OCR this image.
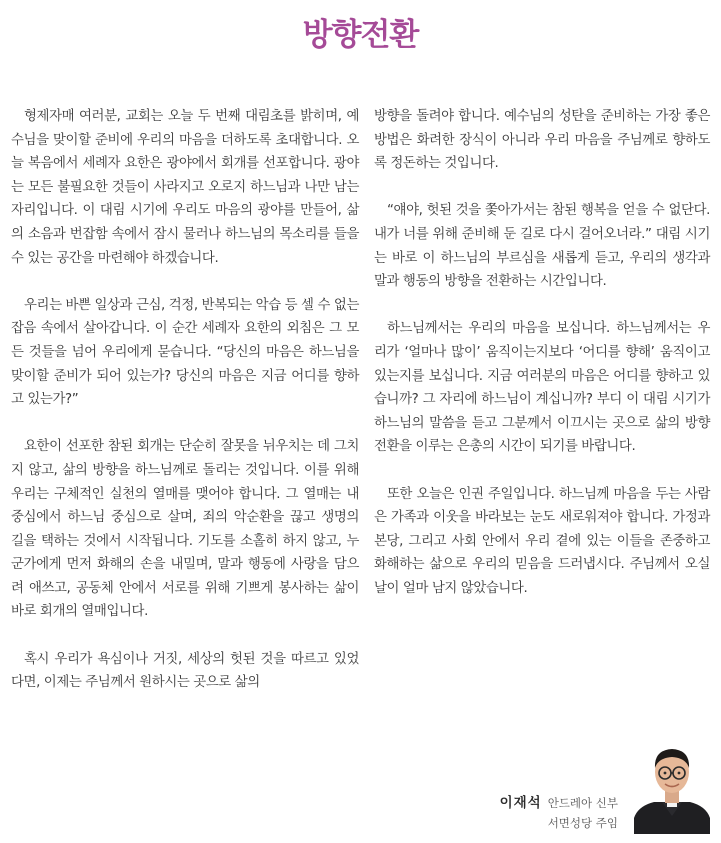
방향전환

형제자매 여러분, 교회는 오늘 두 번째 대림초를 밝히며, 예수님을 맞이할 준비에 우리의 마음을 더하도록 초대합니다. 오늘 복음에서 세례자 요한은 광야에서 회개를 선포합니다. 광야는 모든 불필요한 것들이 사라지고 오로지 하느님과 나만 남는 자리입니다. 이 대림 시기에 우리도 마음의 광야를 만들어, 삶의 소음과 번잡함 속에서 잠시 물러나 하느님의 목소리를 들을 수 있는 공간을 마련해야 하겠습니다.

우리는 바쁜 일상과 근심, 걱정, 반복되는 악습 등 셀 수 없는 잡음 속에서 살아갑니다. 이 순간 세례자 요한의 외침은 그 모든 것들을 넘어 우리에게 묻습니다. “당신의 마음은 하느님을 맞이할 준비가 되어 있는가? 당신의 마음은 지금 어디를 향하고 있는가?”

요한이 선포한 참된 회개는 단순히 잘못을 뉘우치는 데 그치지 않고, 삶의 방향을 하느님께로 돌리는 것입니다. 이를 위해 우리는 구체적인 실천의 열매를 맺어야 합니다. 그 열매는 내 중심에서 하느님 중심으로 살며, 죄의 악순환을 끊고 생명의 길을 택하는 것에서 시작됩니다. 기도를 소홀히 하지 않고, 누군가에게 먼저 화해의 손을 내밀며, 말과 행동에 사랑을 담으려 애쓰고, 공동체 안에서 서로를 위해 기쁘게 봉사하는 삶이 바로 회개의 열매입니다.

혹시 우리가 욕심이나 거짓, 세상의 헛된 것을 따르고 있었다면, 이제는 주님께서 원하시는 곳으로 삶의

방향을 돌려야 합니다. 예수님의 성탄을 준비하는 가장 좋은 방법은 화려한 장식이 아니라 우리 마음을 주님께로 향하도록 정돈하는 것입니다.

“얘야, 헛된 것을 쫓아가서는 참된 행복을 얻을 수 없단다. 내가 너를 위해 준비해 둔 길로 다시 걸어오너라.” 대림 시기는 바로 이 하느님의 부르심을 새롭게 듣고, 우리의 생각과 말과 행동의 방향을 전환하는 시간입니다.

하느님께서는 우리의 마음을 보십니다. 하느님께서는 우리가 ‘얼마나 많이’ 움직이는지보다 ‘어디를 향해’ 움직이고 있는지를 보십니다. 지금 여러분의 마음은 어디를 향하고 있습니까? 그 자리에 하느님이 계십니까? 부디 이 대림 시기가 하느님의 말씀을 듣고 그분께서 이끄시는 곳으로 삶의 방향전환을 이루는 은총의 시간이 되기를 바랍니다.

또한 오늘은 인권 주일입니다. 하느님께 마음을 두는 사람은 가족과 이웃을 바라보는 눈도 새로워져야 합니다. 가정과 본당, 그리고 사회 안에서 우리 곁에 있는 이들을 존중하고 화해하는 삶으로 우리의 믿음을 드러냅시다. 주님께서 오실 날이 얼마 남지 않았습니다.

이재석 안드레아 신부
서면성당 주임
